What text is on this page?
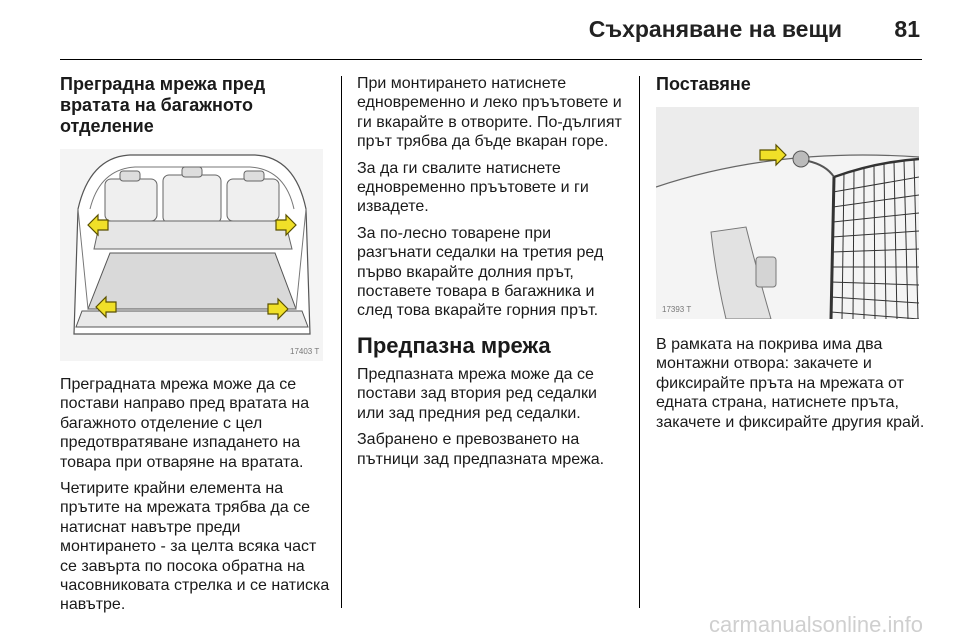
Съхраняване на вещи 81
Преградна мрежа пред вратата на багажното отделение
17403 T

Преградната мрежа може да се постави направо пред вратата на багажното отделение с цел предотвратяване изпадането на товара при отваряне на вратата.

Четирите крайни елемента на прътите на мрежата трябва да се натиснат навътре преди монтирането - за целта всяка част се завърта по посока обратна на часовниковата стрелка и се натиска навътре.

При монтирането натиснете едновременно и леко пръътовете и ги вкарайте в отворите. По-дългият прът трябва да бъде вкаран горе.

За да ги свалите натиснете едновременно пръътовете и ги извадете.

За по-лесно товарене при разгънати седалки на третия ред първо вкарайте долния прът, поставете товара в багажника и след това вкарайте горния прът.

Предпазна мрежа

Предпазната мрежа може да се постави зад втория ред седалки или зад предния ред седалки.

Забранено е превозването на пътници зад предпазната мрежа.

Поставяне
17393 T

В рамката на покрива има два монтажни отвора: закачете и фиксирайте пръта на мрежата от едната страна, натиснете пръта, закачете и фиксирайте другия край.

carmanualsonline.info
